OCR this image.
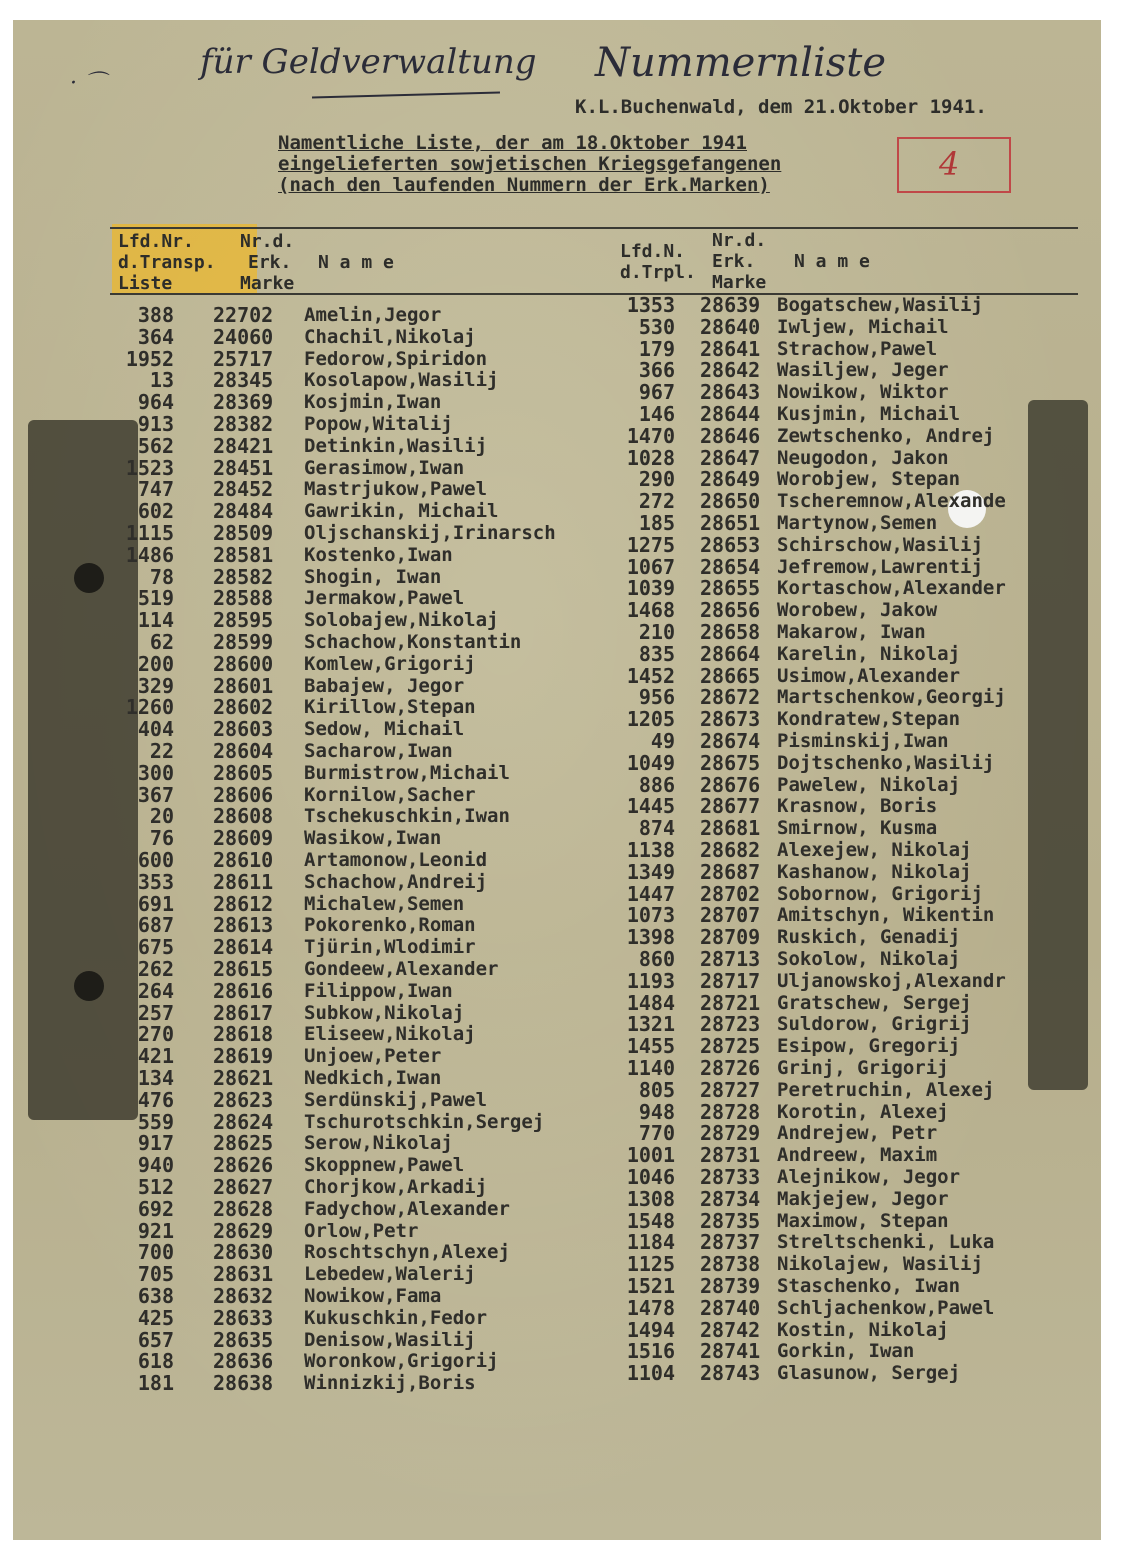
· ⌒
für Geldverwaltung Nummernliste
K.L.Buchenwald, dem 21.Oktober 1941.
Namentliche Liste, der am 18.Oktober 1941
eingelieferten sowjetischen Kriegsgefangenen
(nach den laufenden Nummern der Erk.Marken)
4
Lfd.Nr.
d.Transp.
Liste
Nr.d.
Erk.
Marke
N a m e
Lfd.N.
d.Trpl.
Nr.d.
Erk.
Marke
N a m e
388 22702 Amelin,Jegor
364 24060 Chachil,Nikolaj
1952 25717 Fedorow,Spiridon
13 28345 Kosolapow,Wasilij
964 28369 Kosjmin,Iwan
913 28382 Popow,Witalij
562 28421 Detinkin,Wasilij
1523 28451 Gerasimow,Iwan
747 28452 Mastrjukow,Pawel
602 28484 Gawrikin, Michail
1115 28509 Oljschanskij,Irinarsch
1486 28581 Kostenko,Iwan
78 28582 Shogin, Iwan
519 28588 Jermakow,Pawel
114 28595 Solobajew,Nikolaj
62 28599 Schachow,Konstantin
200 28600 Komlew,Grigorij
329 28601 Babajew, Jegor
1260 28602 Kirillow,Stepan
404 28603 Sedow, Michail
22 28604 Sacharow,Iwan
300 28605 Burmistrow,Michail
367 28606 Kornilow,Sacher
20 28608 Tschekuschkin,Iwan
76 28609 Wasikow,Iwan
600 28610 Artamonow,Leonid
353 28611 Schachow,Andreij
691 28612 Michalew,Semen
687 28613 Pokorenko,Roman
675 28614 Tjürin,Wlodimir
262 28615 Gondeew,Alexander
264 28616 Filippow,Iwan
257 28617 Subkow,Nikolaj
270 28618 Eliseew,Nikolaj
421 28619 Unjoew,Peter
134 28621 Nedkich,Iwan
476 28623 Serdünskij,Pawel
559 28624 Tschurotschkin,Sergej
917 28625 Serow,Nikolaj
940 28626 Skoppnew,Pawel
512 28627 Chorjkow,Arkadij
692 28628 Fadychow,Alexander
921 28629 Orlow,Petr
700 28630 Roschtschyn,Alexej
705 28631 Lebedew,Walerij
638 28632 Nowikow,Fama
425 28633 Kukuschkin,Fedor
657 28635 Denisow,Wasilij
618 28636 Woronkow,Grigorij
181 28638 Winnizkij,Boris
1353 28639 Bogatschew,Wasilij
530 28640 Iwljew, Michail
179 28641 Strachow,Pawel
366 28642 Wasiljew, Jeger
967 28643 Nowikow, Wiktor
146 28644 Kusjmin, Michail
1470 28646 Zewtschenko, Andrej
1028 28647 Neugodon, Jakon
290 28649 Worobjew, Stepan
272 28650 Tscheremnow,Alexande
185 28651 Martynow,Semen
1275 28653 Schirschow,Wasilij
1067 28654 Jefremow,Lawrentij
1039 28655 Kortaschow,Alexander
1468 28656 Worobew, Jakow
210 28658 Makarow, Iwan
835 28664 Karelin, Nikolaj
1452 28665 Usimow,Alexander
956 28672 Martschenkow,Georgij
1205 28673 Kondratew,Stepan
49 28674 Pisminskij,Iwan
1049 28675 Dojtschenko,Wasilij
886 28676 Pawelew, Nikolaj
1445 28677 Krasnow, Boris
874 28681 Smirnow, Kusma
1138 28682 Alexejew, Nikolaj
1349 28687 Kashanow, Nikolaj
1447 28702 Sobornow, Grigorij
1073 28707 Amitschyn, Wikentin
1398 28709 Ruskich, Genadij
860 28713 Sokolow, Nikolaj
1193 28717 Uljanowskoj,Alexandr
1484 28721 Gratschew, Sergej
1321 28723 Suldorow, Grigrij
1455 28725 Esipow, Gregorij
1140 28726 Grinj, Grigorij
805 28727 Peretruchin, Alexej
948 28728 Korotin, Alexej
770 28729 Andrejew, Petr
1001 28731 Andreew, Maxim
1046 28733 Alejnikow, Jegor
1308 28734 Makjejew, Jegor
1548 28735 Maximow, Stepan
1184 28737 Streltschenki, Luka
1125 28738 Nikolajew, Wasilij
1521 28739 Staschenko, Iwan
1478 28740 Schljachenkow,Pawel
1494 28742 Kostin, Nikolaj
1516 28741 Gorkin, Iwan
1104 28743 Glasunow, Sergej
